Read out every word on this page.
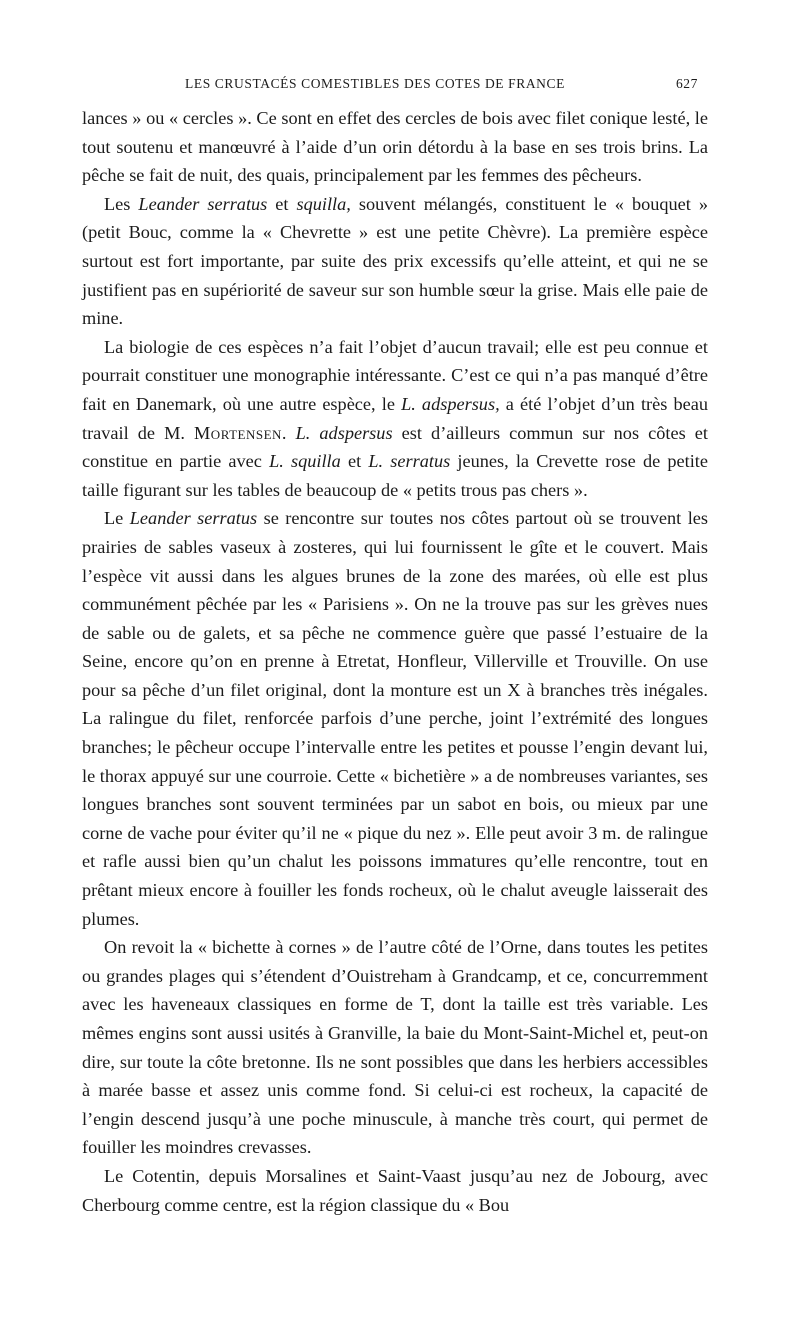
LES CRUSTACÉS COMESTIBLES DES COTES DE FRANCE	627

lances » ou « cercles ». Ce sont en effet des cercles de bois avec filet conique lesté, le tout soutenu et manœuvré à l’aide d’un orin détordu à la base en ses trois brins. La pêche se fait de nuit, des quais, principalement par les femmes des pêcheurs.

Les Leander serratus et squilla, souvent mélangés, constituent le « bouquet » (petit Bouc, comme la « Chevrette » est une petite Chèvre). La première espèce surtout est fort importante, par suite des prix excessifs qu’elle atteint, et qui ne se justifient pas en supériorité de saveur sur son humble sœur la grise. Mais elle paie de mine.

La biologie de ces espèces n’a fait l’objet d’aucun travail; elle est peu connue et pourrait constituer une monographie intéressante. C’est ce qui n’a pas manqué d’être fait en Danemark, où une autre espèce, le L. adspersus, a été l’objet d’un très beau travail de M. Mortensen. L. adspersus est d’ailleurs commun sur nos côtes et constitue en partie avec L. squilla et L. serratus jeunes, la Crevette rose de petite taille figurant sur les tables de beaucoup de « petits trous pas chers ».

Le Leander serratus se rencontre sur toutes nos côtes partout où se trouvent les prairies de sables vaseux à zosteres, qui lui fournissent le gîte et le couvert. Mais l’espèce vit aussi dans les algues brunes de la zone des marées, où elle est plus communément pêchée par les « Parisiens ». On ne la trouve pas sur les grèves nues de sable ou de galets, et sa pêche ne commence guère que passé l’estuaire de la Seine, encore qu’on en prenne à Etretat, Honfleur, Villerville et Trouville. On use pour sa pêche d’un filet original, dont la monture est un X à branches très inégales. La ralingue du filet, renforcée parfois d’une perche, joint l’extrémité des longues branches; le pêcheur occupe l’intervalle entre les petites et pousse l’engin devant lui, le thorax appuyé sur une courroie. Cette « bichetière » a de nombreuses variantes, ses longues branches sont souvent terminées par un sabot en bois, ou mieux par une corne de vache pour éviter qu’il ne « pique du nez ». Elle peut avoir 3 m. de ralingue et rafle aussi bien qu’un chalut les poissons immatures qu’elle rencontre, tout en prêtant mieux encore à fouiller les fonds rocheux, où le chalut aveugle laisserait des plumes.

On revoit la « bichette à cornes » de l’autre côté de l’Orne, dans toutes les petites ou grandes plages qui s’étendent d’Ouistreham à Grandcamp, et ce, concurremment avec les haveneaux classiques en forme de T, dont la taille est très variable. Les mêmes engins sont aussi usités à Granville, la baie du Mont-Saint-Michel et, peut-on dire, sur toute la côte bretonne. Ils ne sont possibles que dans les herbiers accessibles à marée basse et assez unis comme fond. Si celui-ci est rocheux, la capacité de l’engin descend jusqu’à une poche minuscule, à manche très court, qui permet de fouiller les moindres crevasses.

Le Cotentin, depuis Morsalines et Saint-Vaast jusqu’au nez de Jobourg, avec Cherbourg comme centre, est la région classique du « Bou
